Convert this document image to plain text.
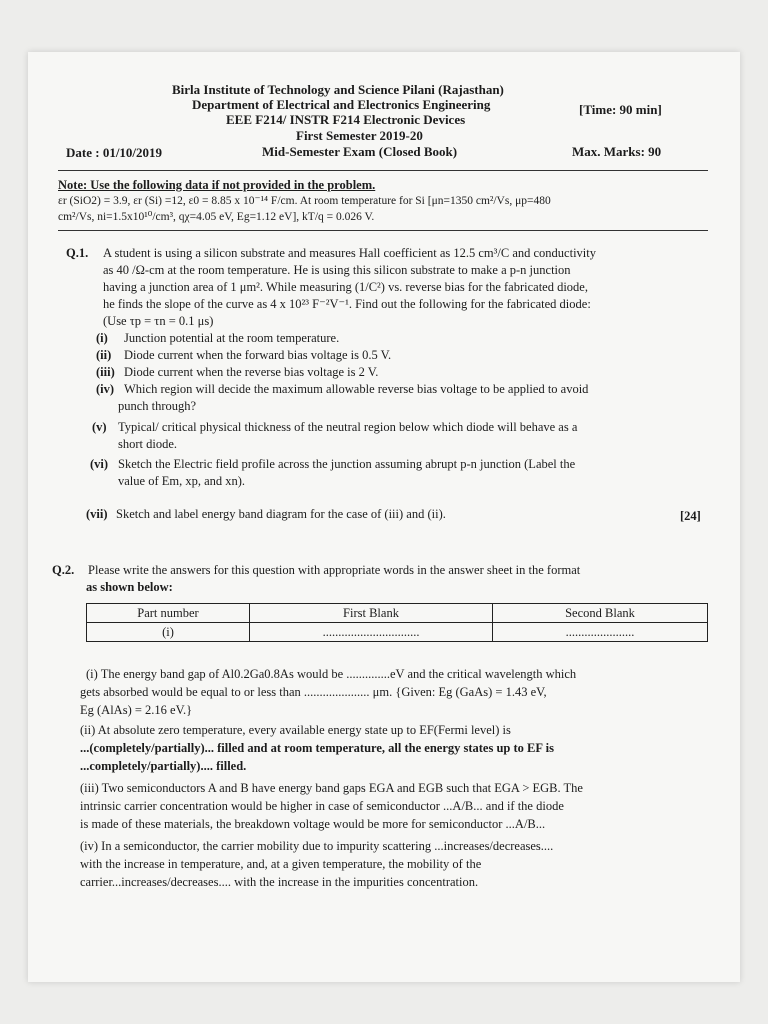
Birla Institute of Technology and Science Pilani (Rajasthan)
Department of Electrical and Electronics Engineering	[Time: 90 min]
EEE F214/ INSTR F214 Electronic Devices
First Semester 2019-20
Date : 01/10/2019	Mid-Semester Exam (Closed Book)	Max. Marks: 90
Note: Use the following data if not provided in the problem.
εr (SiO2) = 3.9, εr (Si) =12, ε0 = 8.85 x 10⁻¹⁴ F/cm. At room temperature for Si [μn=1350 cm²/Vs, μp=480
cm²/Vs, ni=1.5x10¹⁰/cm³, qχ=4.05 eV, Eg=1.12 eV], kT/q = 0.026 V.
Q.1. A student is using a silicon substrate and measures Hall coefficient as 12.5 cm³/C and conductivity
as 40 /Ω-cm at the room temperature. He is using this silicon substrate to make a p-n junction
having a junction area of 1 μm². While measuring (1/C²) vs. reverse bias for the fabricated diode,
he finds the slope of the curve as 4 x 10²³ F⁻²V⁻¹. Find out the following for the fabricated diode:
(Use τp = τn = 0.1 μs)
(i) Junction potential at the room temperature.
(ii) Diode current when the forward bias voltage is 0.5 V.
(iii) Diode current when the reverse bias voltage is 2 V.
(iv) Which region will decide the maximum allowable reverse bias voltage to be applied to avoid
punch through?
(v) Typical/ critical physical thickness of the neutral region below which diode will behave as a
short diode.
(vi) Sketch the Electric field profile across the junction assuming abrupt p-n junction (Label the
value of Em, xp, and xn).
(vii) Sketch and label energy band diagram for the case of (iii) and (ii).	[24]
Q.2. Please write the answers for this question with appropriate words in the answer sheet in the format
as shown below:
Part number	First Blank	Second Blank
(i)	...............................	......................
(i) The energy band gap of Al0.2Ga0.8As would be ..............eV and the critical wavelength which
gets absorbed would be equal to or less than ..................... μm. {Given: Eg (GaAs) = 1.43 eV,
Eg (AlAs) = 2.16 eV.}
(ii) At absolute zero temperature, every available energy state up to EF(Fermi level) is
...(completely/partially)... filled and at room temperature, all the energy states up to EF is
...completely/partially).... filled.
(iii) Two semiconductors A and B have energy band gaps EGA and EGB such that EGA > EGB. The
intrinsic carrier concentration would be higher in case of semiconductor ...A/B... and if the diode
is made of these materials, the breakdown voltage would be more for semiconductor ...A/B...
(iv) In a semiconductor, the carrier mobility due to impurity scattering ...increases/decreases....
with the increase in temperature, and, at a given temperature, the mobility of the
carrier...increases/decreases.... with the increase in the impurities concentration.
